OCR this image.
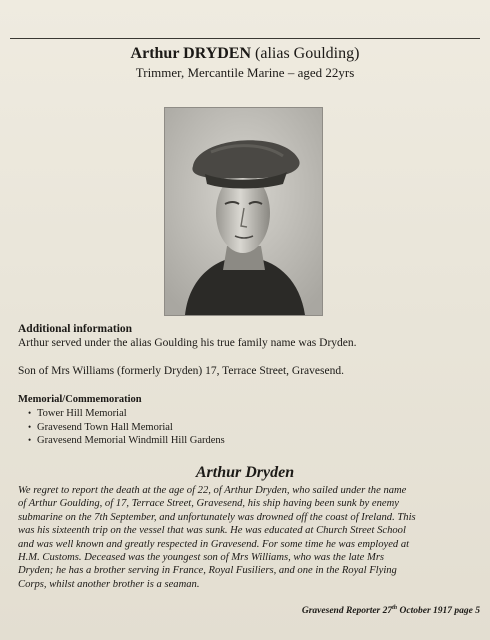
Arthur DRYDEN (alias Goulding)
Trimmer, Mercantile Marine – aged 22yrs
Additional information
Arthur served under the alias Goulding his true family name was Dryden.
Son of Mrs Williams (formerly Dryden) 17, Terrace Street, Gravesend.
Memorial/Commemoration
• Tower Hill Memorial
• Gravesend Town Hall Memorial
• Gravesend Memorial Windmill Hill Gardens
Arthur Dryden
We regret to report the death at the age of 22, of Arthur Dryden, who sailed under the name
of Arthur Goulding, of 17, Terrace Street, Gravesend, his ship having been sunk by enemy
submarine on the 7th September, and unfortunately was drowned off the coast of Ireland. This
was his sixteenth trip on the vessel that was sunk. He was educated at Church Street School
and was well known and greatly respected in Gravesend. For some time he was employed at
H.M. Customs. Deceased was the youngest son of Mrs Williams, who was the late Mrs
Dryden; he has a brother serving in France, Royal Fusiliers, and one in the Royal Flying
Corps, whilst another brother is a seaman.
Gravesend Reporter 27th October 1917 page 5
